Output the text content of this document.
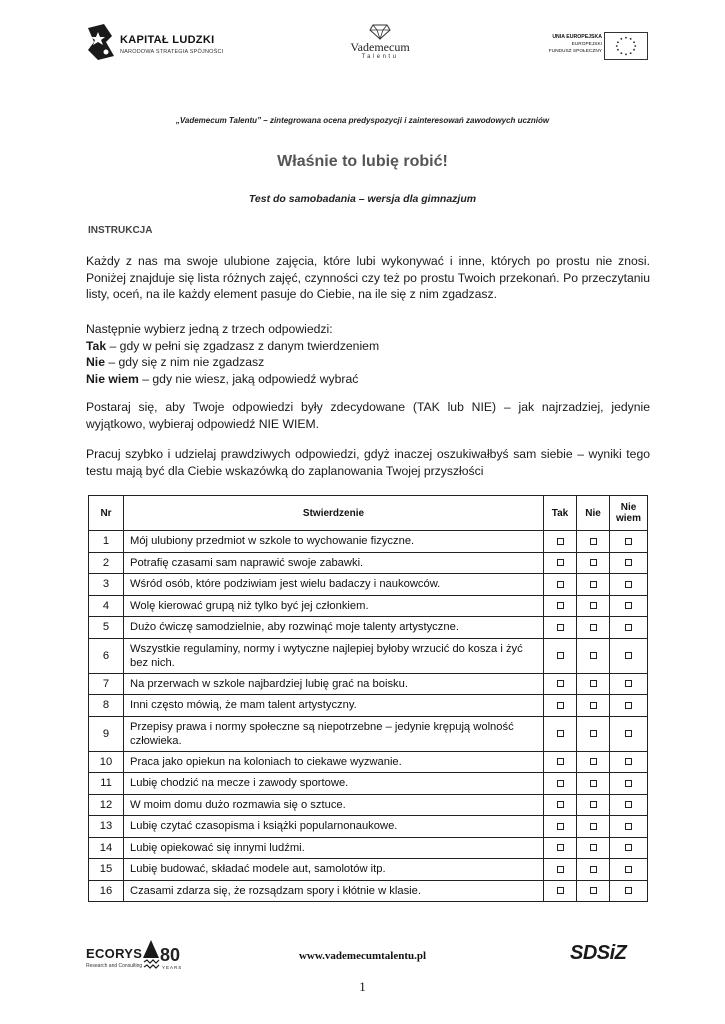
KAPITAŁ LUDZKI
NARODOWA STRATEGIA SPÓJNOŚCI	Vademecum
Talentu
UNIA EUROPEJSKA
EUROPEJSKI
FUNDUSZ SPOŁECZNY
„Vademecum Talentu” – zintegrowana ocena predyspozycji i zainteresowań zawodowych uczniów
Właśnie to lubię robić!
Test do samobadania – wersja dla gimnazjum
INSTRUKCJA

Każdy z nas ma swoje ulubione zajęcia, które lubi wykonywać i inne, których po prostu nie znosi. Poniżej znajduje się lista różnych zajęć, czynności czy też po prostu Twoich przekonań. Po przeczytaniu listy, oceń, na ile każdy element pasuje do Ciebie, na ile się z nim zgadzasz.

Następnie wybierz jedną z trzech odpowiedzi:
Tak – gdy w pełni się zgadzasz z danym twierdzeniem
Nie – gdy się z nim nie zgadzasz
Nie wiem – gdy nie wiesz, jaką odpowiedź wybrać

Postaraj się, aby Twoje odpowiedzi były zdecydowane (TAK lub NIE) – jak najrzadziej, jedynie wyjątkowo, wybieraj odpowiedź NIE WIEM.

Pracuj szybko i udzielaj prawdziwych odpowiedzi, gdyż inaczej oszukiwałbyś sam siebie – wyniki tego testu mają być dla Ciebie wskazówką do zaplanowania Twojej przyszłości

Nr	Stwierdzenie	Tak	Nie	Nie wiem
1	Mój ulubiony przedmiot w szkole to wychowanie fizyczne.			
2	Potrafię czasami sam naprawić swoje zabawki.			
3	Wśród osób, które podziwiam jest wielu badaczy i naukowców.			
4	Wolę kierować grupą niż tylko być jej członkiem.			
5	Dużo ćwiczę samodzielnie, aby rozwinąć moje talenty artystyczne.			
6	Wszystkie regulaminy, normy i wytyczne najlepiej byłoby wrzucić do kosza i żyć bez nich.			
7	Na przerwach w szkole najbardziej lubię grać na boisku.			
8	Inni często mówią, że mam talent artystyczny.			
9	Przepisy prawa i normy społeczne są niepotrzebne – jedynie krępują wolność człowieka.			
10	Praca jako opiekun na koloniach to ciekawe wyzwanie.			
11	Lubię chodzić na mecze i zawody sportowe.			
12	W moim domu dużo rozmawia się o sztuce.			
13	Lubię czytać czasopisma i książki popularnonaukowe.			
14	Lubię opiekować się innymi ludźmi.			
15	Lubię budować, składać modele aut, samolotów itp.			
16	Czasami zdarza się, że rozsądzam spory i kłótnie w klasie.			
ECORYS
Research and Consulting
80
YEARS
www.vademecumtalentu.pl	SDSiZ
1
